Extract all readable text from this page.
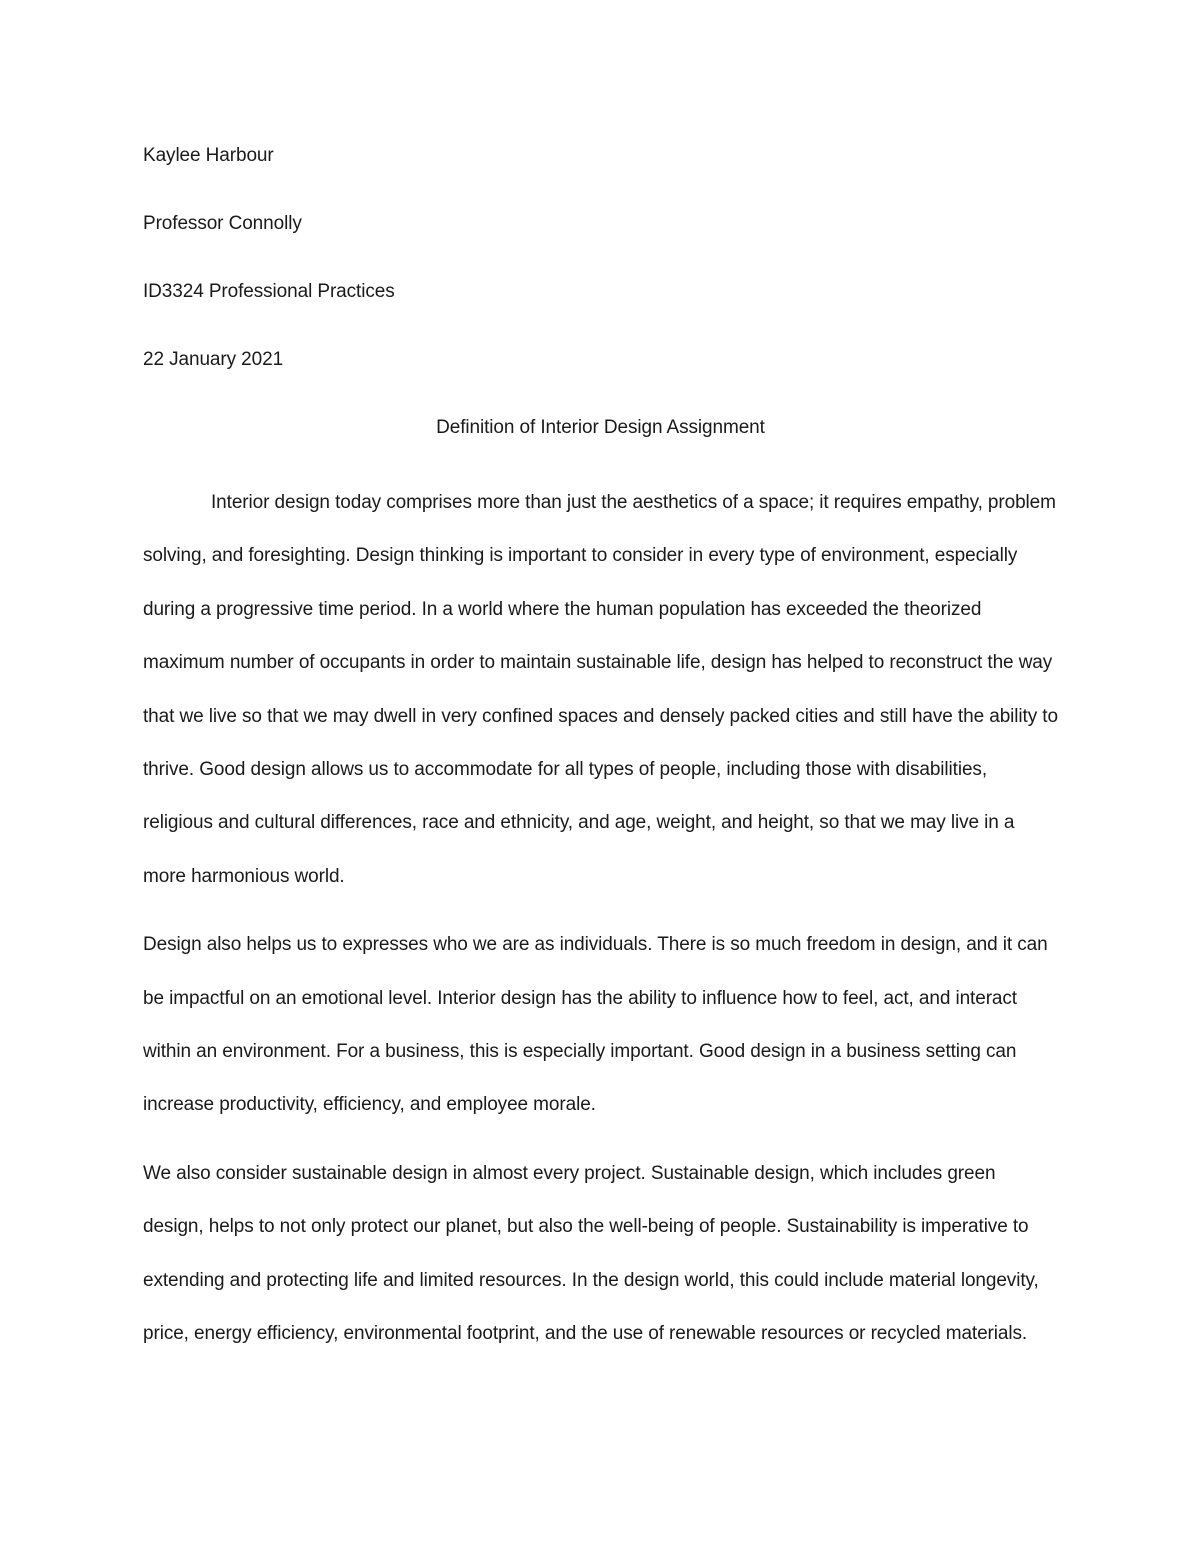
Kaylee Harbour

Professor Connolly

ID3324 Professional Practices

22 January 2021

Definition of Interior Design Assignment

Interior design today comprises more than just the aesthetics of a space; it requires empathy, problem solving, and foresighting. Design thinking is important to consider in every type of environment, especially during a progressive time period. In a world where the human population has exceeded the theorized maximum number of occupants in order to maintain sustainable life, design has helped to reconstruct the way that we live so that we may dwell in very confined spaces and densely packed cities and still have the ability to thrive. Good design allows us to accommodate for all types of people, including those with disabilities, religious and cultural differences, race and ethnicity, and age, weight, and height, so that we may live in a more harmonious world.

Design also helps us to expresses who we are as individuals. There is so much freedom in design, and it can be impactful on an emotional level. Interior design has the ability to influence how to feel, act, and interact within an environment. For a business, this is especially important. Good design in a business setting can increase productivity, efficiency, and employee morale.

We also consider sustainable design in almost every project. Sustainable design, which includes green design, helps to not only protect our planet, but also the well-being of people. Sustainability is imperative to extending and protecting life and limited resources. In the design world, this could include material longevity, price, energy efficiency, environmental footprint, and the use of renewable resources or recycled materials.
